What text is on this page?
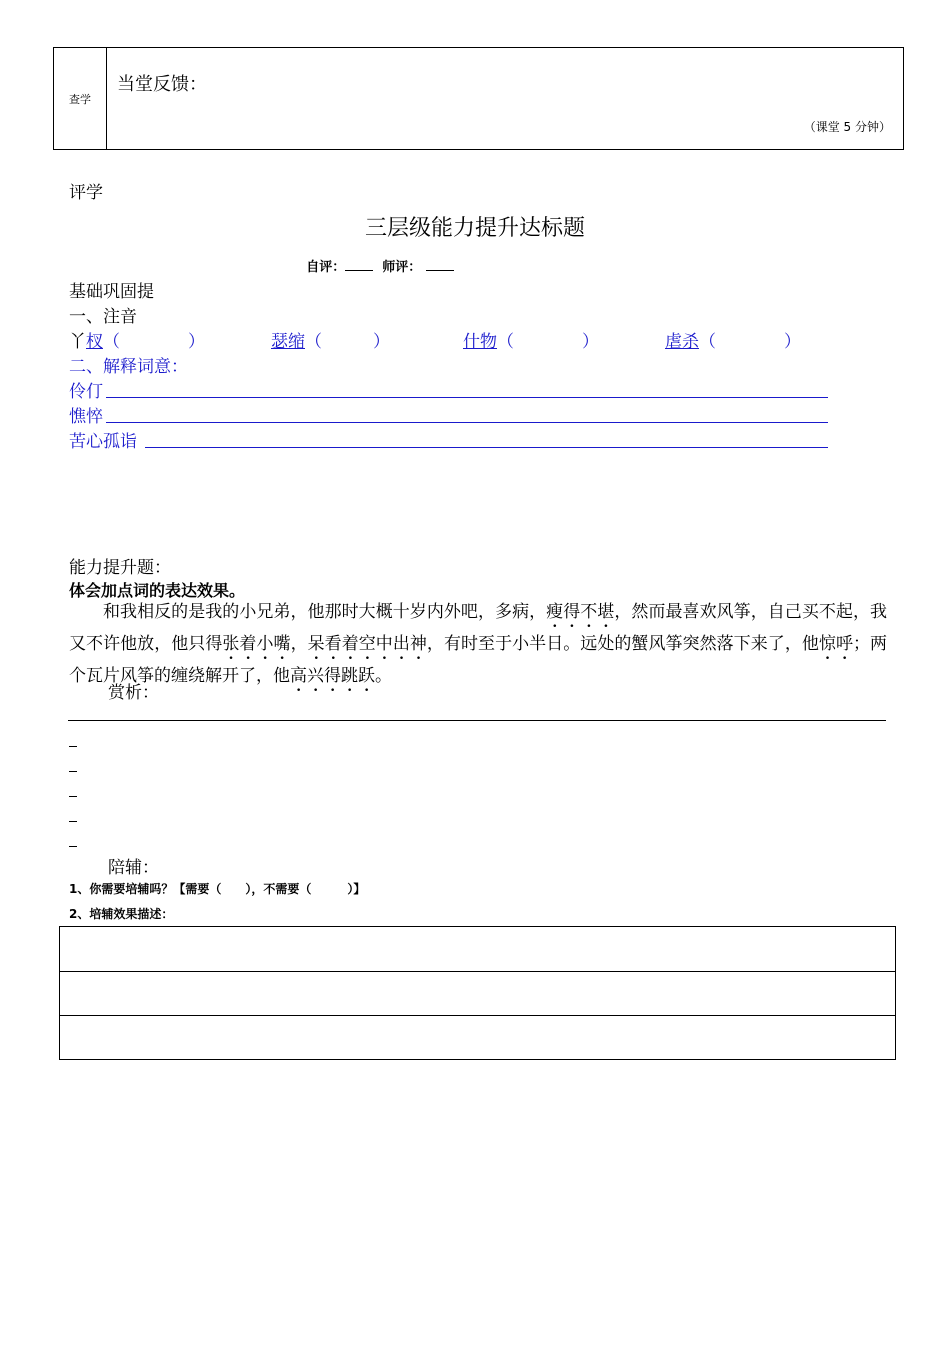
查学
当堂反馈：
（课堂 5 分钟）
评学
三层级能力提升达标题
自评：	师评：
基础巩固提
一、注音
丫杈（　　　　）	瑟缩（　　　）	什物（　　　　）	虐杀（　　　　）
二、解释词意：
伶仃
憔悴
苦心孤诣
能力提升题：
体会加点词的表达效果。

和我相反的是我的小兄弟，他那时大概十岁内外吧，多病，瘦得不堪，然而最喜欢风筝，自己买不起，我又不许他放，他只得张着小嘴，呆看着空中出神，有时至于小半日。远处的蟹风筝突然落下来了，他惊呼；两个瓦片风筝的缠绕解开了，他高兴得跳跃。

赏析：
陪辅：
1、你需要培辅吗？【需要（　　），不需要（　　　）】
2、培辅效果描述：
